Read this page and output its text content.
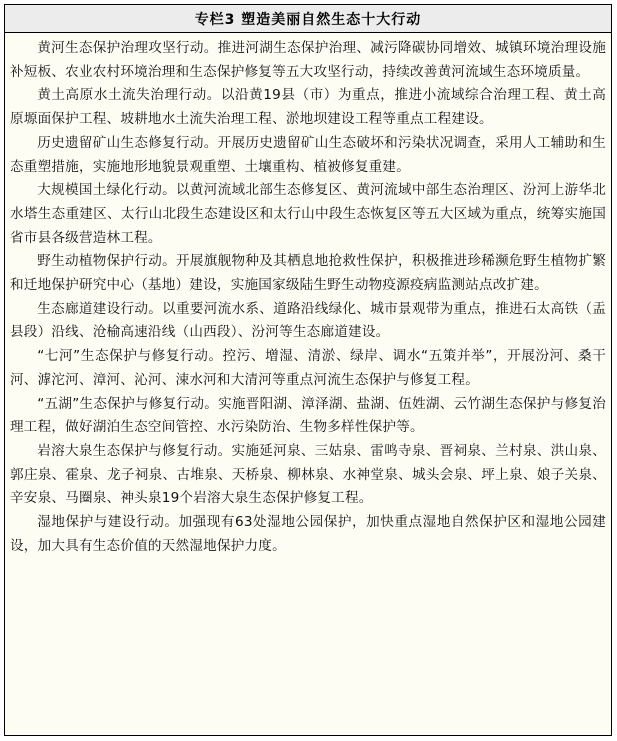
专栏3 塑造美丽自然生态十大行动

黄河生态保护治理攻坚行动。推进河湖生态保护治理、减污降碳协同增效、城镇环境治理设施补短板、农业农村环境治理和生态保护修复等五大攻坚行动，持续改善黄河流域生态环境质量。

黄土高原水土流失治理行动。以沿黄19县（市）为重点，推进小流域综合治理工程、黄土高原塬面保护工程、坡耕地水土流失治理工程、淤地坝建设工程等重点工程建设。

历史遗留矿山生态修复行动。开展历史遗留矿山生态破坏和污染状况调查，采用人工辅助和生态重塑措施，实施地形地貌景观重塑、土壤重构、植被修复重建。

大规模国土绿化行动。以黄河流域北部生态修复区、黄河流域中部生态治理区、汾河上游华北水塔生态重建区、太行山北段生态建设区和太行山中段生态恢复区等五大区域为重点，统筹实施国省市县各级营造林工程。

野生动植物保护行动。开展旗舰物种及其栖息地抢救性保护，积极推进珍稀濒危野生植物扩繁和迁地保护研究中心（基地）建设，实施国家级陆生野生动物疫源疫病监测站点改扩建。

生态廊道建设行动。以重要河流水系、道路沿线绿化、城市景观带为重点，推进石太高铁（盂县段）沿线、沧榆高速沿线（山西段）、汾河等生态廊道建设。

“七河”生态保护与修复行动。控污、增湿、清淤、绿岸、调水“五策并举”，开展汾河、桑干河、滹沱河、漳河、沁河、涑水河和大清河等重点河流生态保护与修复工程。

“五湖”生态保护与修复行动。实施晋阳湖、漳泽湖、盐湖、伍姓湖、云竹湖生态保护与修复治理工程，做好湖泊生态空间管控、水污染防治、生物多样性保护等。

岩溶大泉生态保护与修复行动。实施延河泉、三姑泉、雷鸣寺泉、晋祠泉、兰村泉、洪山泉、郭庄泉、霍泉、龙子祠泉、古堆泉、天桥泉、柳林泉、水神堂泉、城头会泉、坪上泉、娘子关泉、辛安泉、马圈泉、神头泉19个岩溶大泉生态保护修复工程。

湿地保护与建设行动。加强现有63处湿地公园保护，加快重点湿地自然保护区和湿地公园建设，加大具有生态价值的天然湿地保护力度。
